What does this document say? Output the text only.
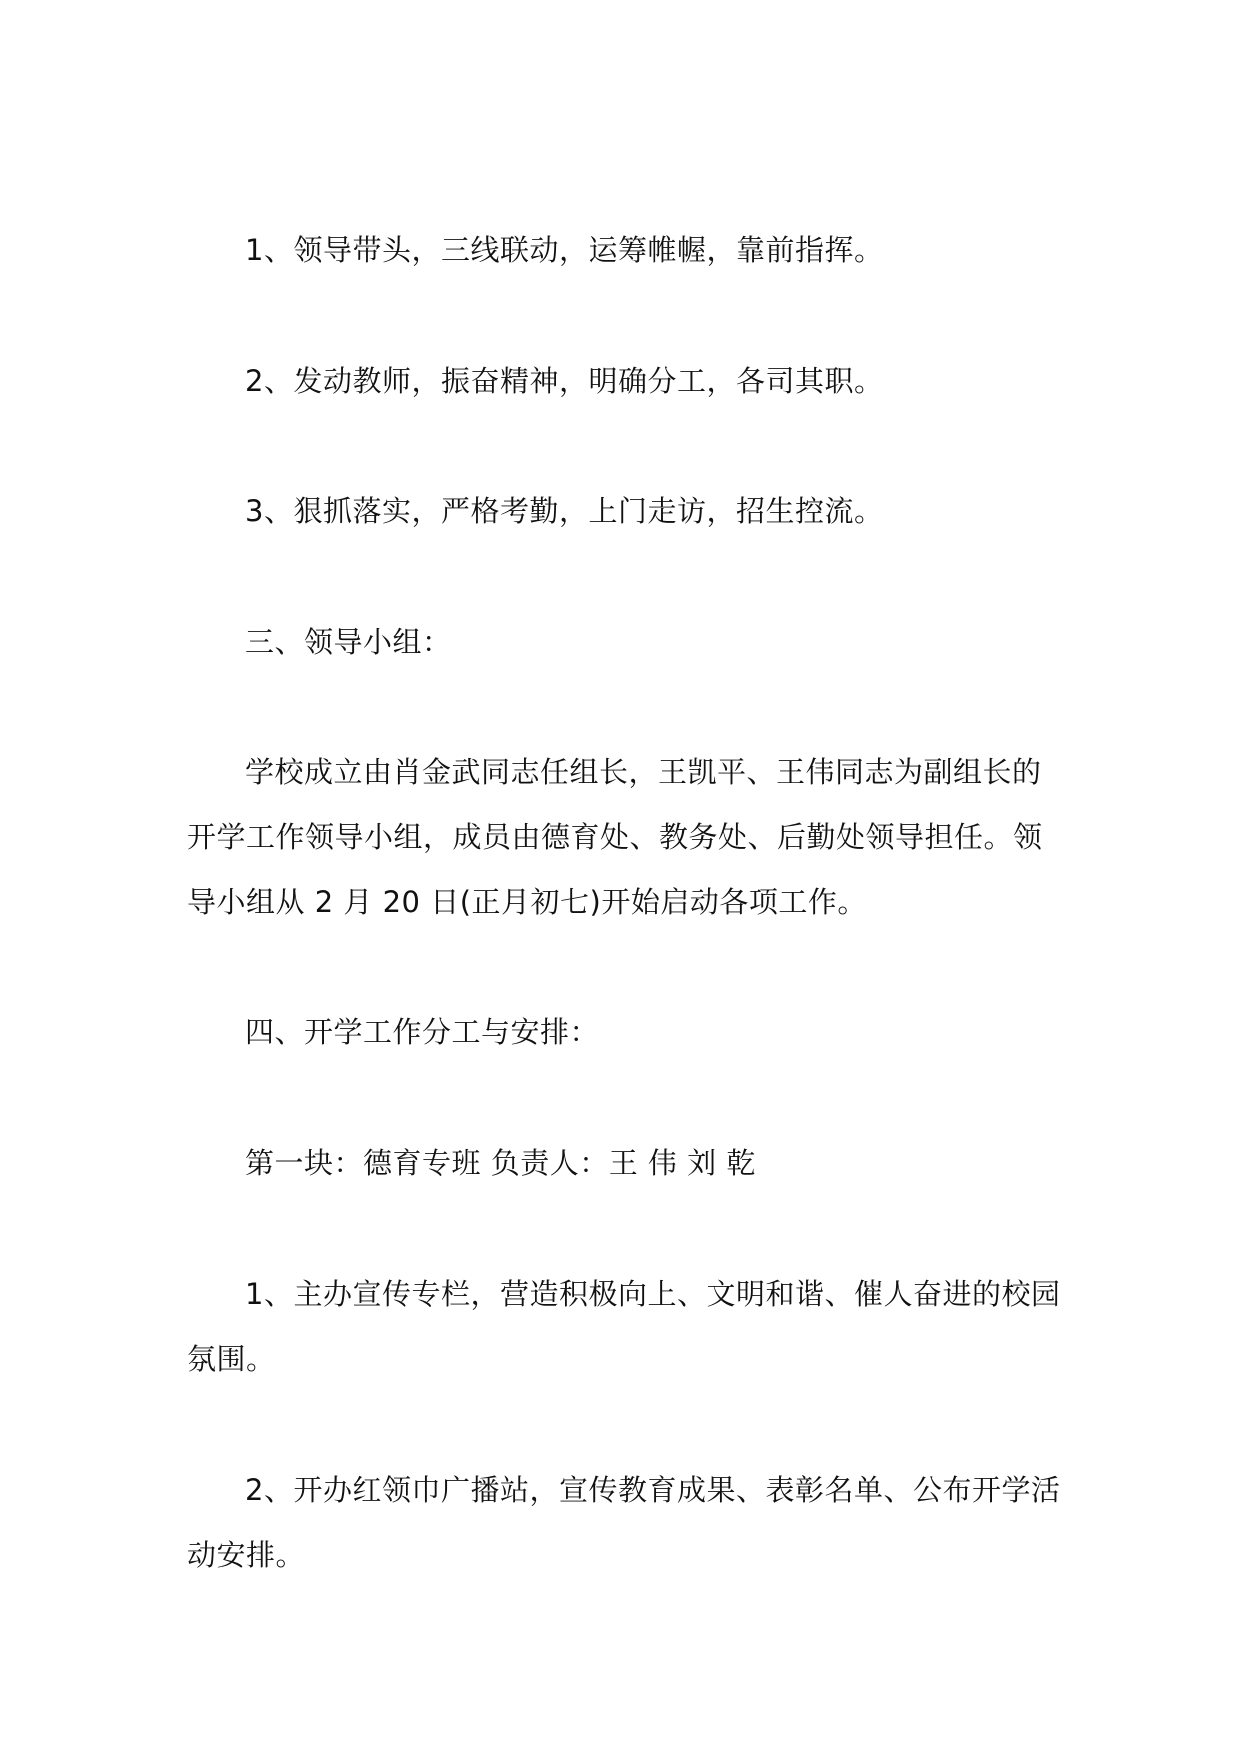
1、领导带头，三线联动，运筹帷幄，靠前指挥。

2、发动教师，振奋精神，明确分工，各司其职。

3、狠抓落实，严格考勤，上门走访，招生控流。

三、领导小组：

学校成立由肖金武同志任组长，王凯平、王伟同志为副组长的开学工作领导小组，成员由德育处、教务处、后勤处领导担任。领导小组从 2 月 20 日(正月初七)开始启动各项工作。

四、开学工作分工与安排：

第一块：德育专班 负责人：王 伟 刘 乾

1、主办宣传专栏，营造积极向上、文明和谐、催人奋进的校园氛围。

2、开办红领巾广播站，宣传教育成果、表彰名单、公布开学活动安排。
